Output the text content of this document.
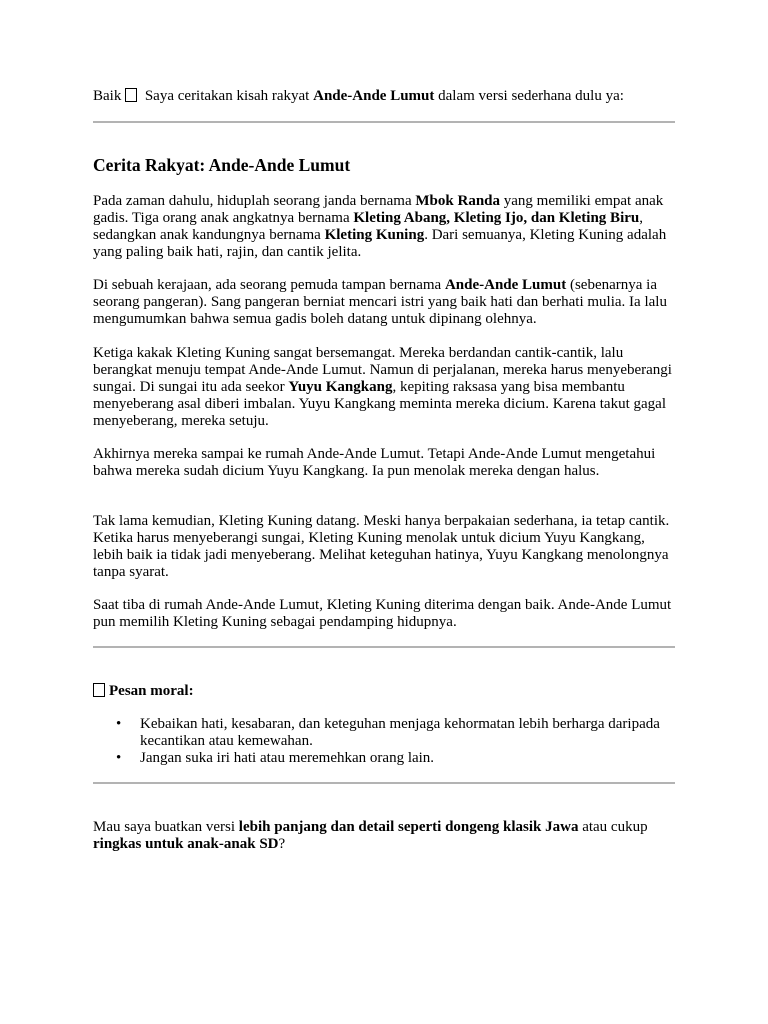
Baik  Saya ceritakan kisah rakyat Ande-Ande Lumut dalam versi sederhana dulu ya:

Cerita Rakyat: Ande-Ande Lumut

Pada zaman dahulu, hiduplah seorang janda bernama Mbok Randa yang memiliki empat anak gadis. Tiga orang anak angkatnya bernama Kleting Abang, Kleting Ijo, dan Kleting Biru, sedangkan anak kandungnya bernama Kleting Kuning. Dari semuanya, Kleting Kuning adalah yang paling baik hati, rajin, dan cantik jelita.

Di sebuah kerajaan, ada seorang pemuda tampan bernama Ande-Ande Lumut (sebenarnya ia seorang pangeran). Sang pangeran berniat mencari istri yang baik hati dan berhati mulia. Ia lalu mengumumkan bahwa semua gadis boleh datang untuk dipinang olehnya.

Ketiga kakak Kleting Kuning sangat bersemangat. Mereka berdandan cantik-cantik, lalu berangkat menuju tempat Ande-Ande Lumut. Namun di perjalanan, mereka harus menyeberangi sungai. Di sungai itu ada seekor Yuyu Kangkang, kepiting raksasa yang bisa membantu menyeberang asal diberi imbalan. Yuyu Kangkang meminta mereka dicium. Karena takut gagal menyeberang, mereka setuju.

Akhirnya mereka sampai ke rumah Ande-Ande Lumut. Tetapi Ande-Ande Lumut mengetahui bahwa mereka sudah dicium Yuyu Kangkang. Ia pun menolak mereka dengan halus.

Tak lama kemudian, Kleting Kuning datang. Meski hanya berpakaian sederhana, ia tetap cantik. Ketika harus menyeberangi sungai, Kleting Kuning menolak untuk dicium Yuyu Kangkang, lebih baik ia tidak jadi menyeberang. Melihat keteguhan hatinya, Yuyu Kangkang menolongnya tanpa syarat.

Saat tiba di rumah Ande-Ande Lumut, Kleting Kuning diterima dengan baik. Ande-Ande Lumut pun memilih Kleting Kuning sebagai pendamping hidupnya.

Pesan moral:

• Kebaikan hati, kesabaran, dan keteguhan menjaga kehormatan lebih berharga daripada kecantikan atau kemewahan.
• Jangan suka iri hati atau meremehkan orang lain.

Mau saya buatkan versi lebih panjang dan detail seperti dongeng klasik Jawa atau cukup ringkas untuk anak-anak SD?
